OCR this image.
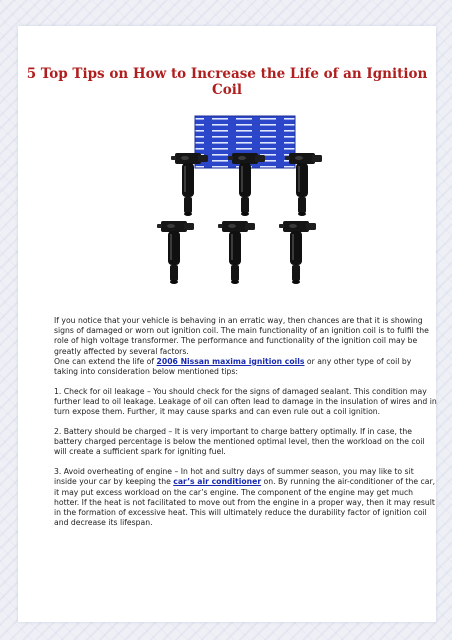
5 Top Tips on How to Increase the Life of an Ignition Coil

If you notice that your vehicle is behaving in an erratic way, then chances are that it is showing signs of damaged or worn out ignition coil. The main functionality of an ignition coil is to fulfil the role of high voltage transformer. The performance and functionality of the ignition coil may be greatly affected by several factors.
One can extend the life of 2006 Nissan maxima ignition coils or any other type of coil by taking into consideration below mentioned tips:

1. Check for oil leakage – You should check for the signs of damaged sealant. This condition may further lead to oil leakage. Leakage of oil can often lead to damage in the insulation of wires and in turn expose them. Further, it may cause sparks and can even rule out a coil ignition.

2. Battery should be charged – It is very important to charge battery optimally. If in case, the battery charged percentage is below the mentioned optimal level, then the workload on the coil will create a sufficient spark for igniting fuel.

3. Avoid overheating of engine – In hot and sultry days of summer season, you may like to sit inside your car by keeping the car’s air conditioner on. By running the air-conditioner of the car, it may put excess workload on the car’s engine. The component of the engine may get much hotter. If the heat is not facilitated to move out from the engine in a proper way, then it may result in the formation of excessive heat. This will ultimately reduce the durability factor of ignition coil and decrease its lifespan.
